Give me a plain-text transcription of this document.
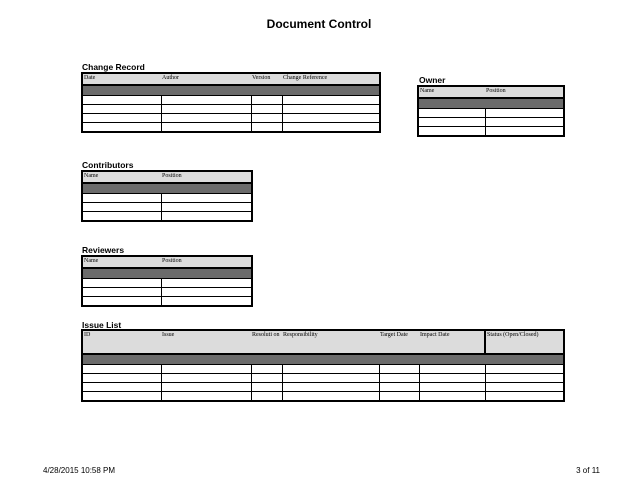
Document Control
Change Record
Date	Author	Version	Change Reference

				Owner
Name	Position

Contributors
Name	Position

Reviewers
Name	Position

Issue List
ID	Issue	Resoluti on	Responsibility	Target Date	Impact Date	Status (Open/Closed)

4/28/2015 10:58 PM	3 of 11
